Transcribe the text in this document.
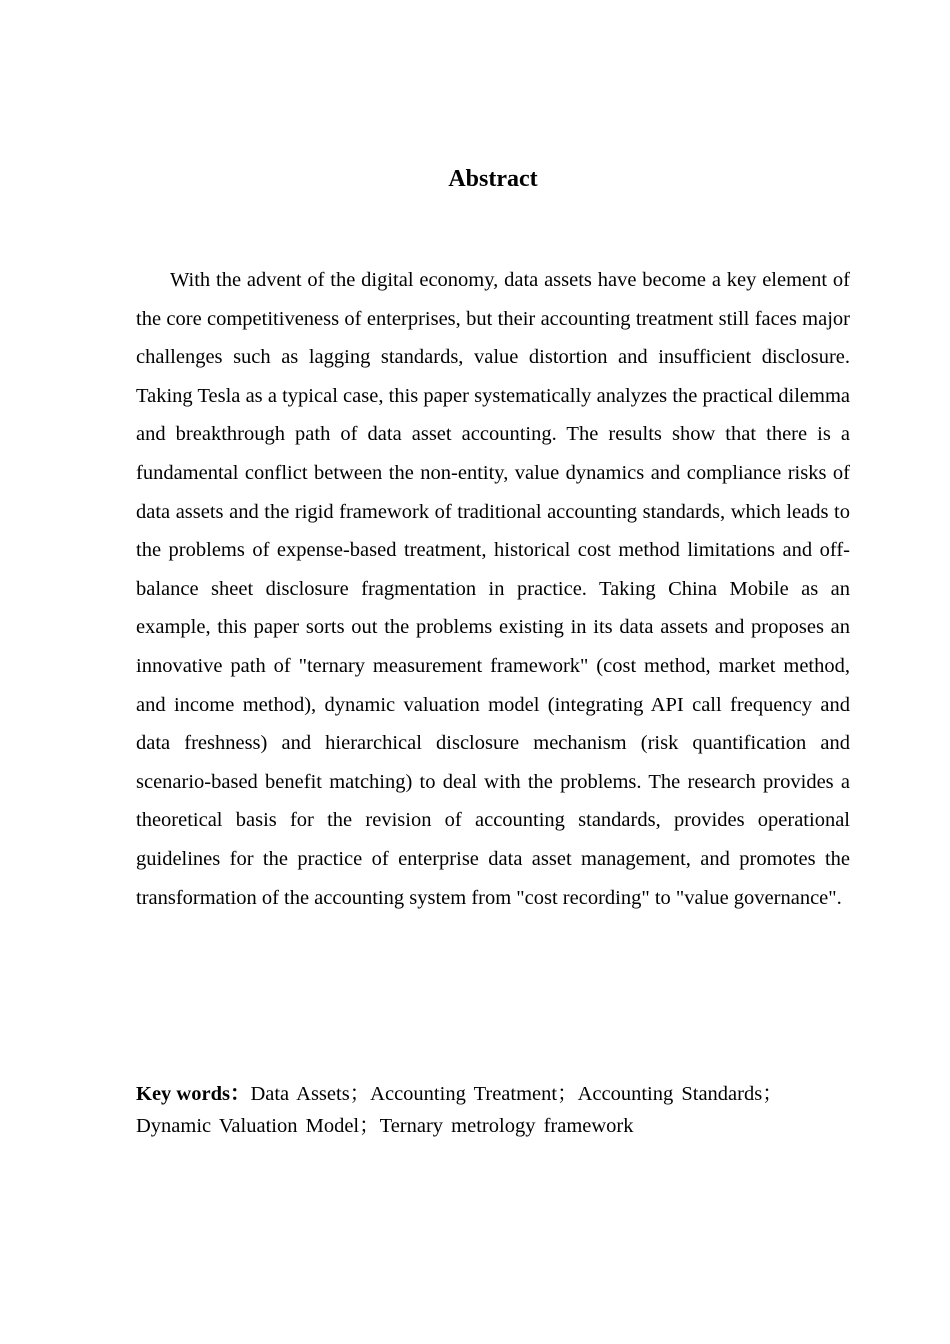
Abstract

With the advent of the digital economy, data assets have become a key element of the core competitiveness of enterprises, but their accounting treatment still faces major challenges such as lagging standards, value distortion and insufficient disclosure. Taking Tesla as a typical case, this paper systematically analyzes the practical dilemma and breakthrough path of data asset accounting. The results show that there is a fundamental conflict between the non-entity, value dynamics and compliance risks of data assets and the rigid framework of traditional accounting standards, which leads to the problems of expense-based treatment, historical cost method limitations and off-balance sheet disclosure fragmentation in practice. Taking China Mobile as an example, this paper sorts out the problems existing in its data assets and proposes an innovative path of "ternary measurement framework" (cost method, market method, and income method), dynamic valuation model (integrating API call frequency and data freshness) and hierarchical disclosure mechanism (risk quantification and scenario-based benefit matching) to deal with the problems. The research provides a theoretical basis for the revision of accounting standards, provides operational guidelines for the practice of enterprise data asset management, and promotes the transformation of the accounting system from "cost recording" to "value governance".

Key words：Data Assets；Accounting Treatment；Accounting Standards；Dynamic Valuation Model；Ternary metrology framework
